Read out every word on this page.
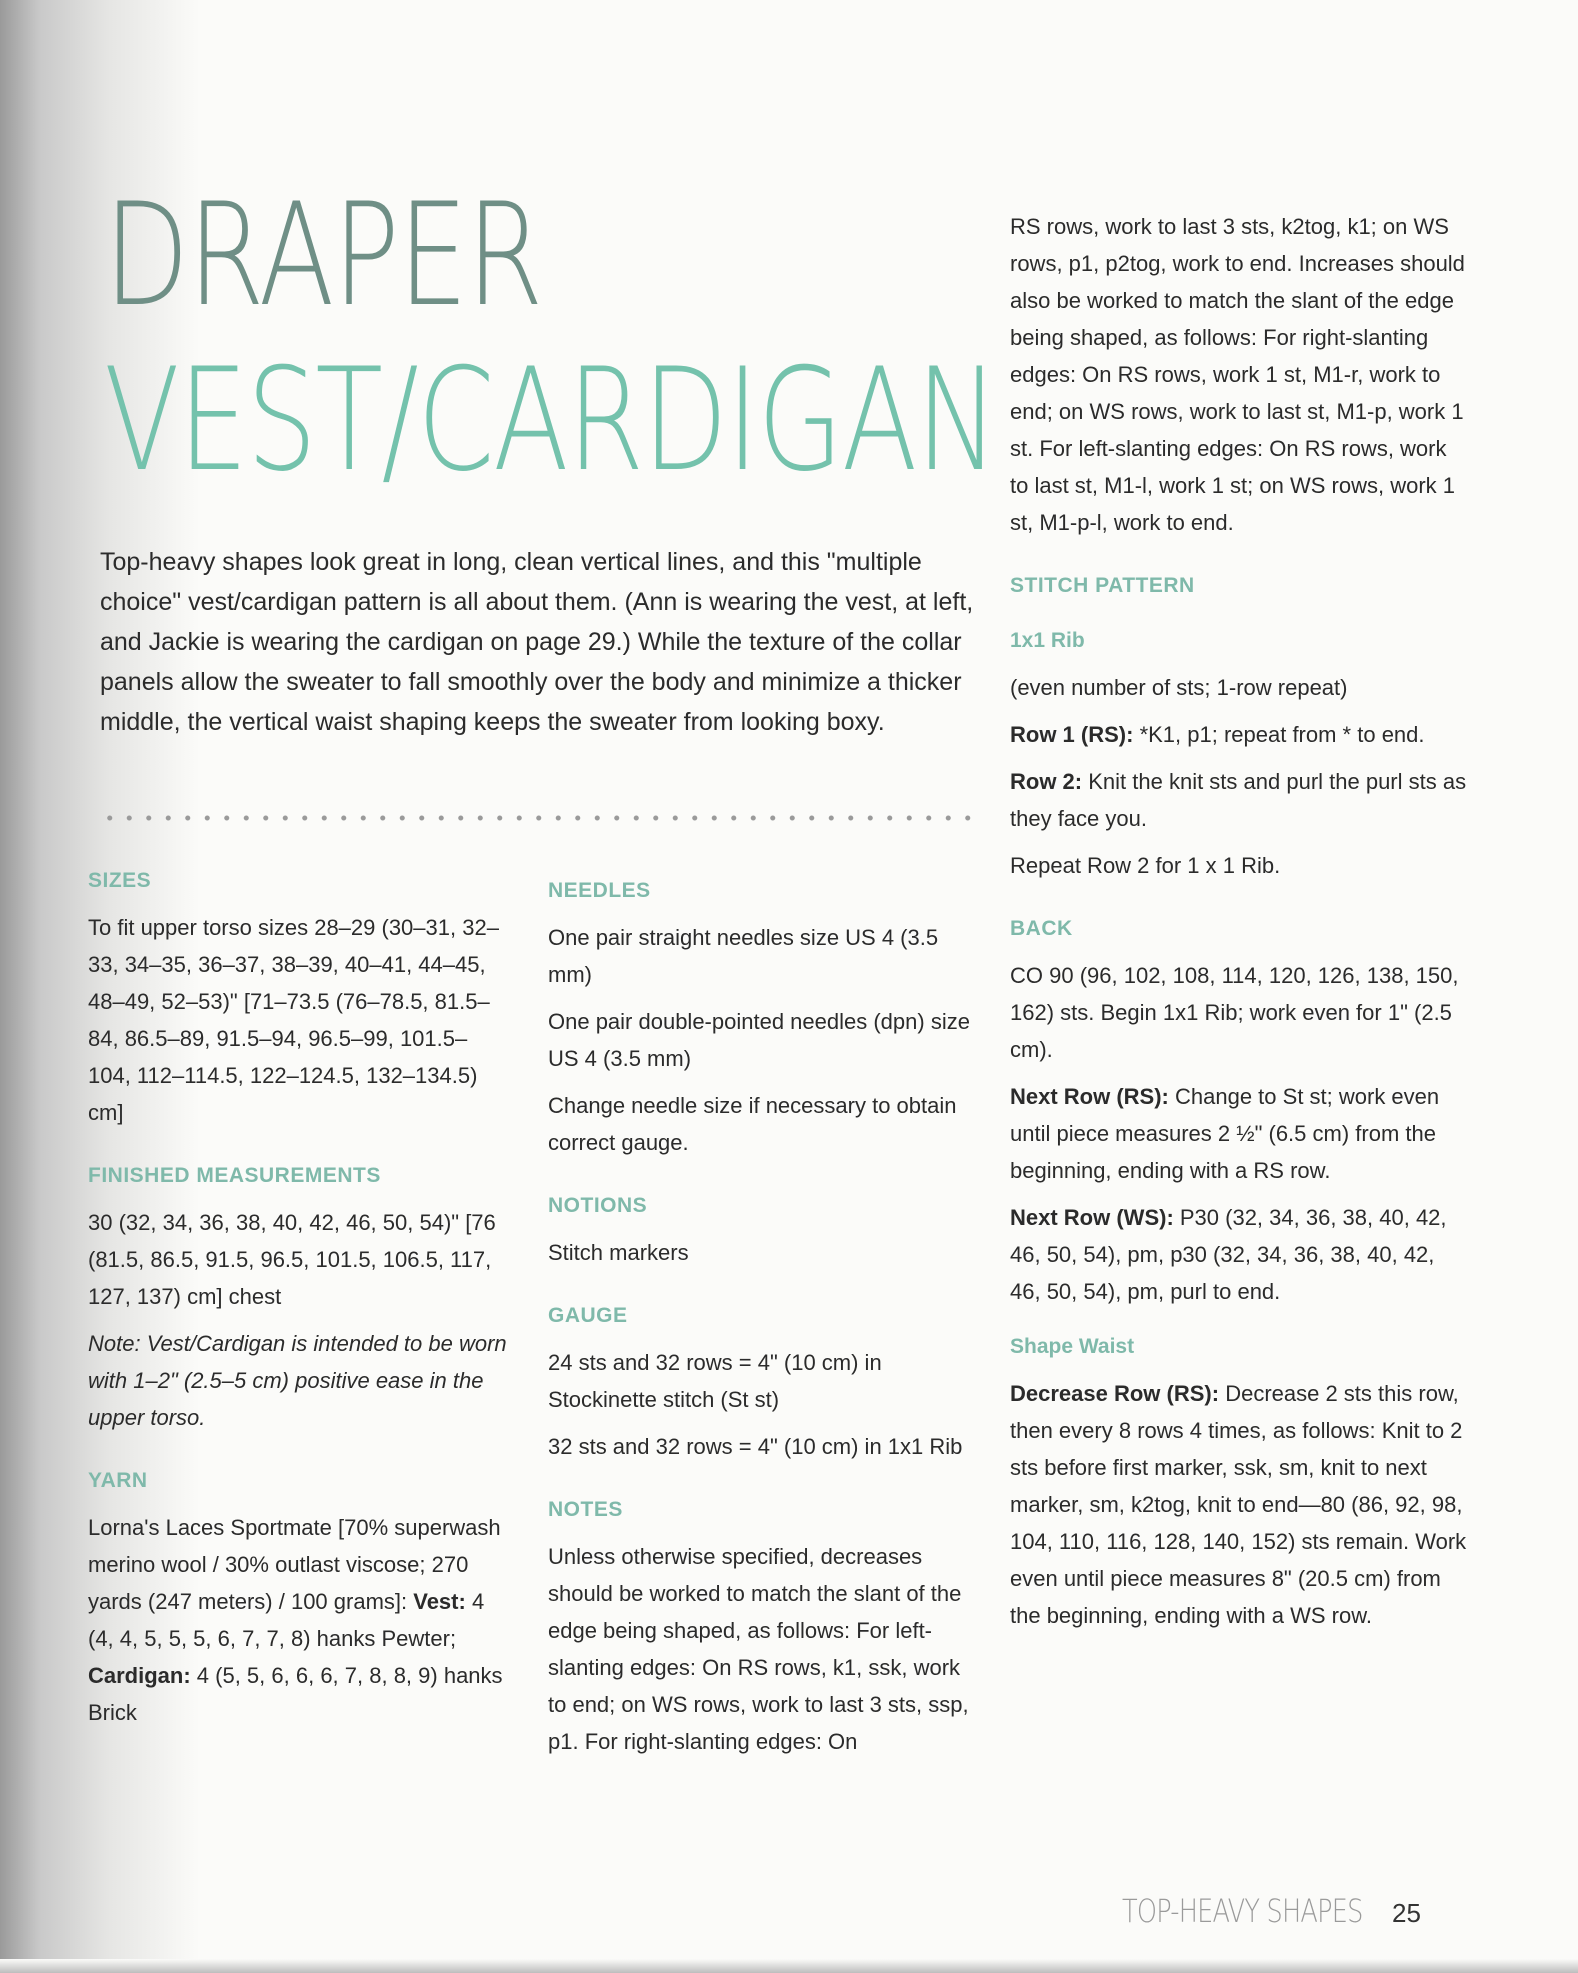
DRAPER
VEST/CARDIGAN

Top-heavy shapes look great in long, clean vertical lines, and this "multiple choice" vest/cardigan pattern is all about them. (Ann is wearing the vest, at left, and Jackie is wearing the cardigan on page 29.) While the texture of the collar panels allow the sweater to fall smoothly over the body and minimize a thicker middle, the vertical waist shaping keeps the sweater from looking boxy.

SIZES

To fit upper torso sizes 28–29 (30–31, 32–33, 34–35, 36–37, 38–39, 40–41, 44–45, 48–49, 52–53)" [71–73.5 (76–78.5, 81.5–84, 86.5–89, 91.5–94, 96.5–99, 101.5–104, 112–114.5, 122–124.5, 132–134.5) cm]

FINISHED MEASUREMENTS

30 (32, 34, 36, 38, 40, 42, 46, 50, 54)" [76 (81.5, 86.5, 91.5, 96.5, 101.5, 106.5, 117, 127, 137) cm] chest

Note: Vest/Cardigan is intended to be worn with 1–2" (2.5–5 cm) positive ease in the upper torso.

YARN

Lorna's Laces Sportmate [70% superwash merino wool / 30% outlast viscose; 270 yards (247 meters) / 100 grams]: Vest: 4 (4, 4, 5, 5, 5, 6, 7, 7, 8) hanks Pewter; Cardigan: 4 (5, 5, 6, 6, 6, 7, 8, 8, 9) hanks Brick

NEEDLES

One pair straight needles size US 4 (3.5 mm)

One pair double-pointed needles (dpn) size US 4 (3.5 mm)

Change needle size if necessary to obtain correct gauge.

NOTIONS

Stitch markers

GAUGE

24 sts and 32 rows = 4" (10 cm) in Stockinette stitch (St st)

32 sts and 32 rows = 4" (10 cm) in 1x1 Rib

NOTES

Unless otherwise specified, decreases should be worked to match the slant of the edge being shaped, as follows: For left-slanting edges: On RS rows, k1, ssk, work to end; on WS rows, work to last 3 sts, ssp, p1. For right-slanting edges: On

RS rows, work to last 3 sts, k2tog, k1; on WS rows, p1, p2tog, work to end. Increases should also be worked to match the slant of the edge being shaped, as follows: For right-slanting edges: On RS rows, work 1 st, M1-r, work to end; on WS rows, work to last st, M1-p, work 1 st. For left-slanting edges: On RS rows, work to last st, M1-l, work 1 st; on WS rows, work 1 st, M1-p-l, work to end.

STITCH PATTERN
1x1 Rib

(even number of sts; 1-row repeat)

Row 1 (RS): *K1, p1; repeat from * to end.

Row 2: Knit the knit sts and purl the purl sts as they face you.

Repeat Row 2 for 1 x 1 Rib.

BACK

CO 90 (96, 102, 108, 114, 120, 126, 138, 150, 162) sts. Begin 1x1 Rib; work even for 1" (2.5 cm).

Next Row (RS): Change to St st; work even until piece measures 2 ½" (6.5 cm) from the beginning, ending with a RS row.

Next Row (WS): P30 (32, 34, 36, 38, 40, 42, 46, 50, 54), pm, p30 (32, 34, 36, 38, 40, 42, 46, 50, 54), pm, purl to end.

Shape Waist

Decrease Row (RS): Decrease 2 sts this row, then every 8 rows 4 times, as follows: Knit to 2 sts before first marker, ssk, sm, knit to next marker, sm, k2tog, knit to end—80 (86, 92, 98, 104, 110, 116, 128, 140, 152) sts remain. Work even until piece measures 8" (20.5 cm) from the beginning, ending with a WS row.

TOP-HEAVY SHAPES 25
